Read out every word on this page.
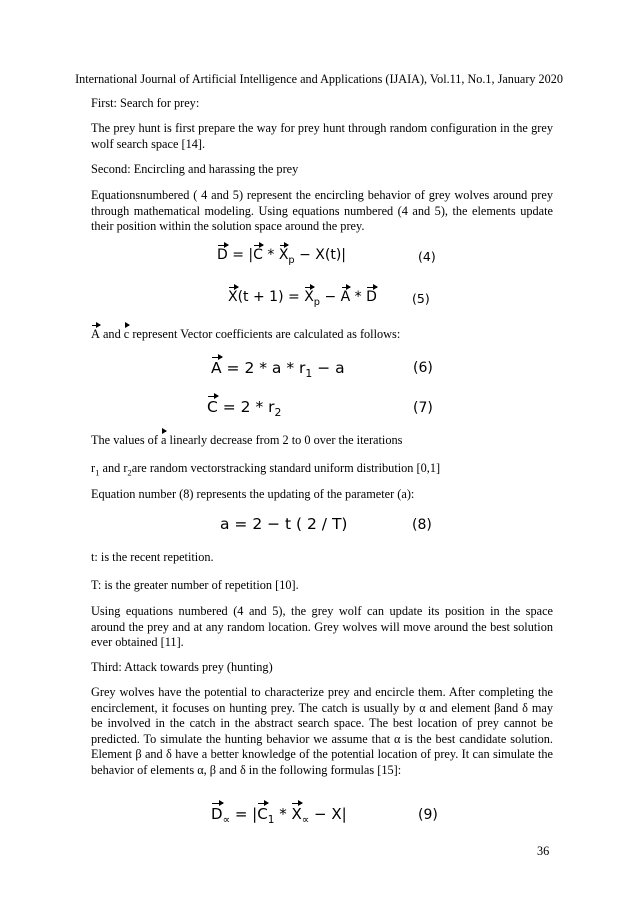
International Journal of Artificial Intelligence and Applications (IJAIA), Vol.11, No.1, January 2020

First: Search for prey:

The prey hunt is first prepare the way for prey hunt through random configuration in the grey wolf search space [14].

Second: Encircling and harassing the prey

Equationsnumbered ( 4 and 5) represent the encircling behavior of grey wolves around prey through mathematical modeling. Using equations numbered (4 and 5), the elements update their position within the solution space around the prey.

$D = |C * X_p - X(t)|$	(4)
$X(t + 1) = X_p - A * D$	(5)

A and c represent Vector coefficients are calculated as follows:

$A = 2 * a * r_1 - a$	(6)
$C = 2 * r_2$	(7)

The values of a linearly decrease from 2 to 0 over the iterations

$r_1$ and $r_2are$ random vectorstracking standard uniform distribution [0,1]

Equation number (8) represents the updating of the parameter (a):

a = 2 − t ( 2 / T)	(8)

t: is the recent repetition.

T: is the greater number of repetition [10].

Using equations numbered (4 and 5), the grey wolf can update its position in the space around the prey and at any random location. Grey wolves will move around the best solution ever obtained [11].

Third: Attack towards prey (hunting)

Grey wolves have the potential to characterize prey and encircle them. After completing the encirclement, it focuses on hunting prey. The catch is usually by α and element βand δ may be involved in the catch in the abstract search space. The best location of prey cannot be predicted. To simulate the hunting behavior we assume that α is the best candidate solution. Element β and δ have a better knowledge of the potential location of prey. It can simulate the behavior of elements α, β and δ in the following formulas [15]:

$D_\propto = |C_1 * X_\propto - X|$	(9)
36
